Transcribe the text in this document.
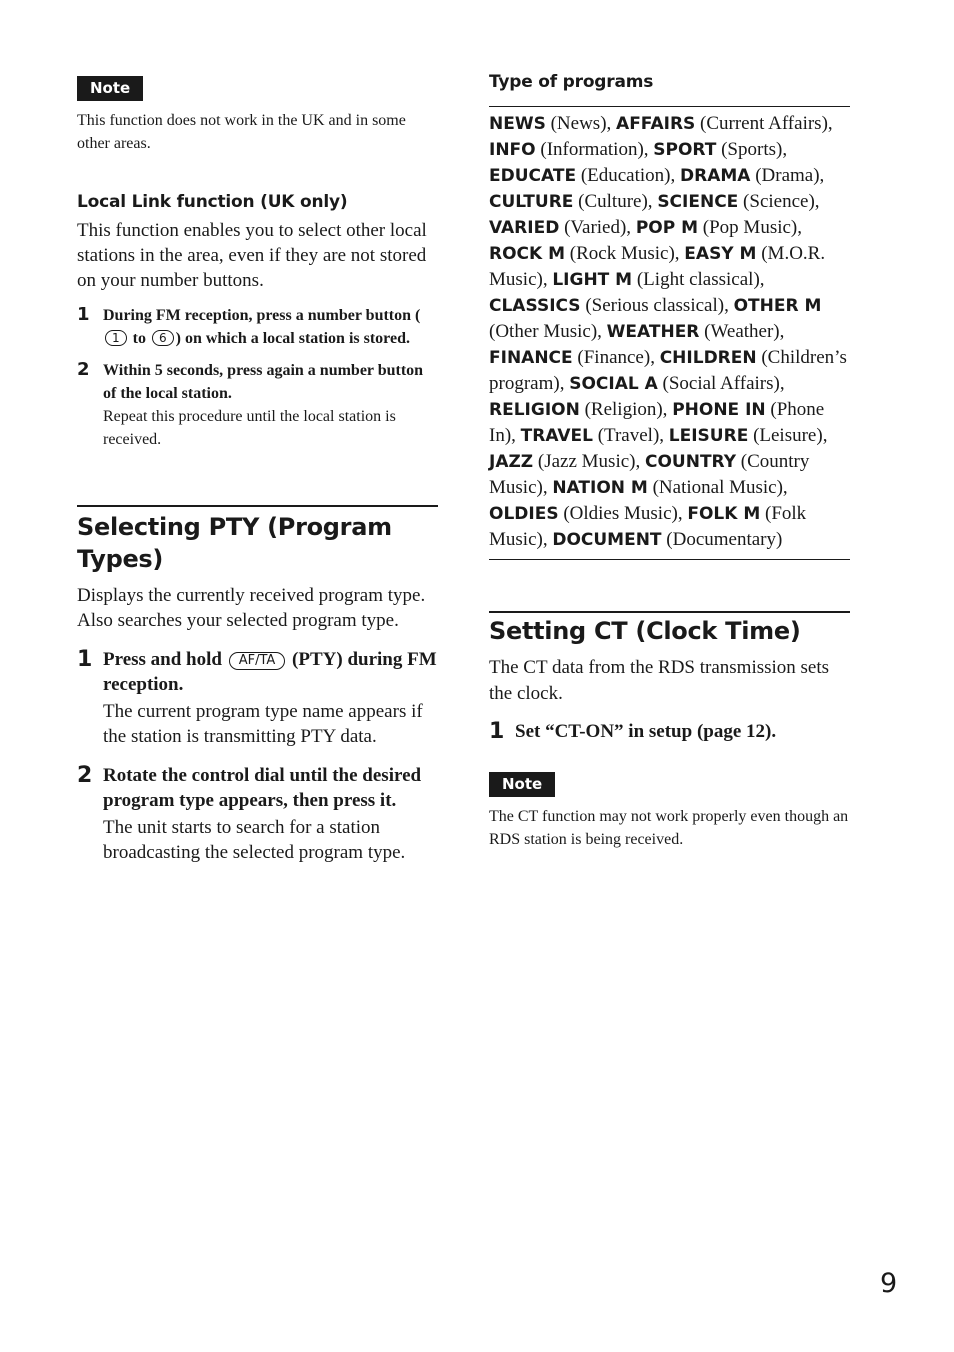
Note
This function does not work in the UK and in some other areas.
Local Link function (UK only)
This function enables you to select other local stations in the area, even if they are not stored on your number buttons.
1 During FM reception, press a number button (1 to 6 ) on which a local station is stored.
2 Within 5 seconds, press again a number button of the local station.
Repeat this procedure until the local station is received.
Selecting PTY (Program Types)
Displays the currently received program type. Also searches your selected program type.
1 Press and hold AF/TA (PTY) during FM reception.
The current program type name appears if the station is transmitting PTY data.
2 Rotate the control dial until the desired program type appears, then press it.
The unit starts to search for a station broadcasting the selected program type.
Type of programs
NEWS (News), AFFAIRS (Current Affairs), INFO (Information), SPORT (Sports), EDUCATE (Education), DRAMA (Drama), CULTURE (Culture), SCIENCE (Science), VARIED (Varied), POP M (Pop Music), ROCK M (Rock Music), EASY M (M.O.R. Music), LIGHT M (Light classical), CLASSICS (Serious classical), OTHER M (Other Music), WEATHER (Weather), FINANCE (Finance), CHILDREN (Children’s program), SOCIAL A (Social Affairs), RELIGION (Religion), PHONE IN (Phone In), TRAVEL (Travel), LEISURE (Leisure), JAZZ (Jazz Music), COUNTRY (Country Music), NATION M (National Music), OLDIES (Oldies Music), FOLK M (Folk Music), DOCUMENT (Documentary)
Setting CT (Clock Time)
The CT data from the RDS transmission sets the clock.
1 Set “CT-ON” in setup (page 12).
Note
The CT function may not work properly even though an RDS station is being received.
9
